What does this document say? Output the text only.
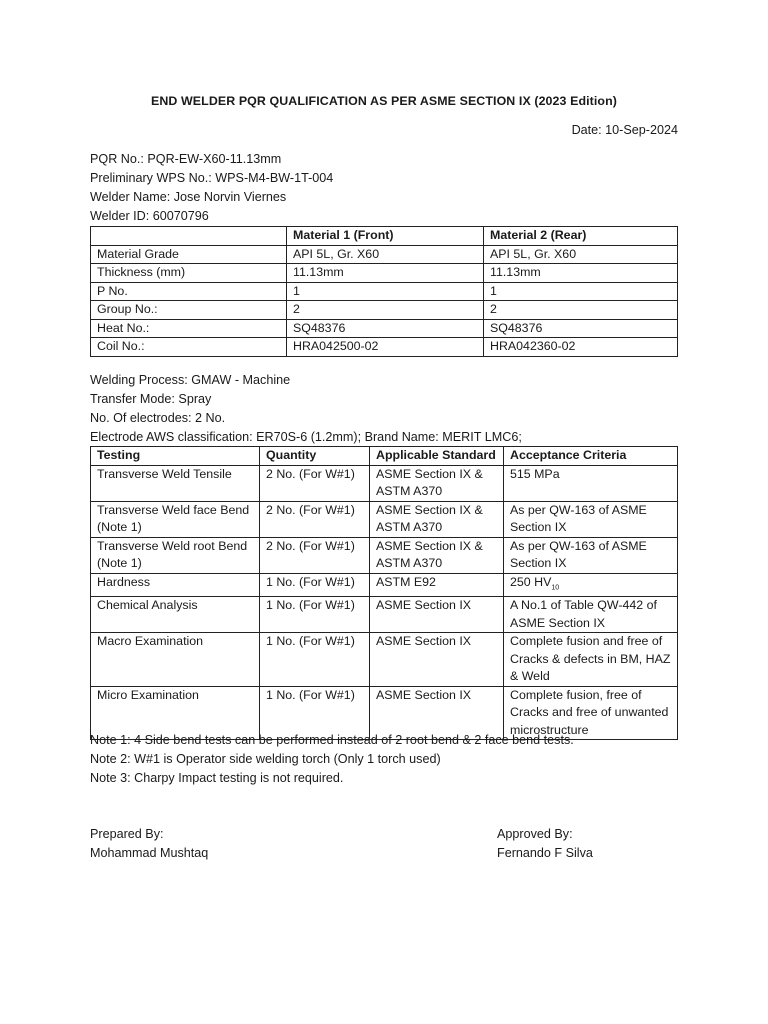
END WELDER PQR QUALIFICATION AS PER ASME SECTION IX (2023 Edition)
Date: 10-Sep-2024
PQR No.: PQR-EW-X60-11.13mm
Preliminary WPS No.: WPS-M4-BW-1T-004
Welder Name: Jose Norvin Viernes
Welder ID: 60070796
	Material 1 (Front)	Material 2 (Rear)
Material Grade	API 5L, Gr. X60	API 5L, Gr. X60
Thickness (mm)	11.13mm	11.13mm
P No.	1	1
Group No.:	2	2
Heat No.:	SQ48376	SQ48376
Coil No.:	HRA042500-02	HRA042360-02
Welding Process: GMAW - Machine
Transfer Mode: Spray
No. Of electrodes: 2 No.
Electrode AWS classification: ER70S-6 (1.2mm); Brand Name: MERIT LMC6;
Testing	Quantity	Applicable Standard	Acceptance Criteria
Transverse Weld Tensile	2 No. (For W#1)	ASME Section IX & ASTM A370	515 MPa
Transverse Weld face Bend (Note 1)	2 No. (For W#1)	ASME Section IX & ASTM A370	As per QW-163 of ASME Section IX
Transverse Weld root Bend (Note 1)	2 No. (For W#1)	ASME Section IX & ASTM A370	As per QW-163 of ASME Section IX
Hardness	1 No. (For W#1)	ASTM E92	250 $HV_{10}$
Chemical Analysis	1 No. (For W#1)	ASME Section IX	A No.1 of Table QW-442 of ASME Section IX
Macro Examination	1 No. (For W#1)	ASME Section IX	Complete fusion and free of Cracks & defects in BM, HAZ & Weld
Micro Examination	1 No. (For W#1)	ASME Section IX	Complete fusion, free of Cracks and free of unwanted microstructure
Note 1: 4 Side bend tests can be performed instead of 2 root bend & 2 face bend tests.
Note 2: W#1 is Operator side welding torch (Only 1 torch used)
Note 3: Charpy Impact testing is not required.
Prepared By:
Mohammad Mushtaq
Approved By:
Fernando F Silva
